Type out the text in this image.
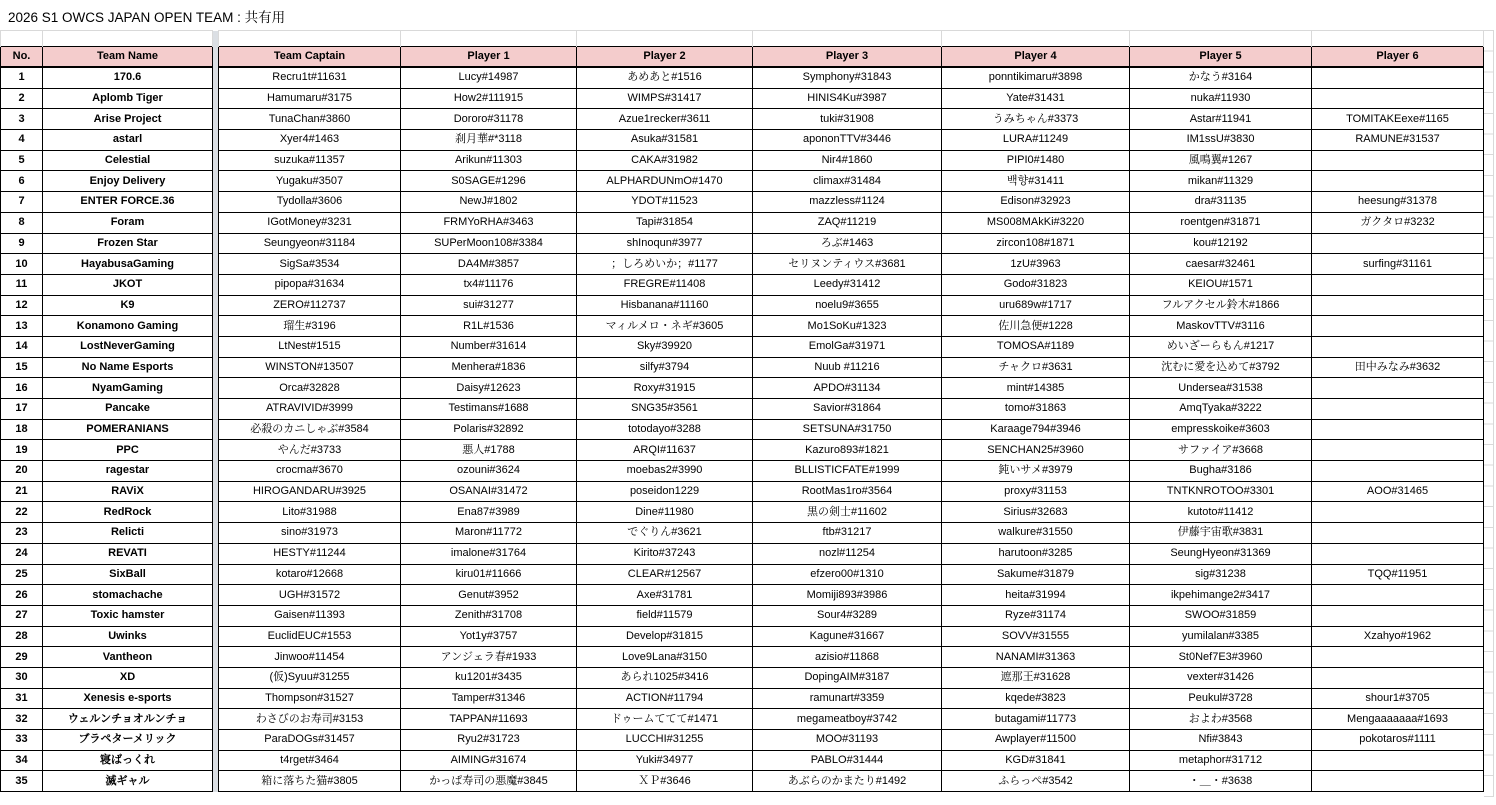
2026 S1 OWCS JAPAN OPEN TEAM : 共有用

No.	Team Name		Team Captain	Player 1	Player 2	Player 3	Player 4	Player 5	Player 6
1	170.6		Recru1t#11631	Lucy#14987	あめあと#1516	Symphony#31843	ponntikimaru#3898	かなう#3164	
2	Aplomb Tiger		Hamumaru#3175	How2#111915	WIMPS#31417	HINIS4Ku#3987	Yate#31431	nuka#11930	
3	Arise Project		TunaChan#3860	Dororo#31178	Azue1recker#3611	tuki#31908	うみちゃん#3373	Astar#11941	TOMITAKEexe#1165
4	astarl		Xyer4#1463	刹月華#*3118	Asuka#31581	apononTTV#3446	LURA#11249	IM1ssU#3830	RAMUNE#31537
5	Celestial		suzuka#11357	Arikun#11303	CAKA#31982	Nir4#1860	PIPI0#1480	風鳴翼#1267	
6	Enjoy Delivery		Yugaku#3507	S0SAGE#1296	ALPHARDUNmO#1470	climax#31484	백향#31411	mikan#11329	
7	ENTER FORCE.36		Tydolla#3606	NewJ#1802	YDOT#11523	mazzless#1124	Edison#32923	dra#31135	heesung#31378
8	Foram		IGotMoney#3231	FRMYoRHA#3463	Tapi#31854	ZAQ#11219	MS008MAkKi#3220	roentgen#31871	ガクタロ#3232
9	Frozen Star		Seungyeon#31184	SUPerMoon108#3384	shInoqun#3977	ろぶ#1463	zircon108#1871	kou#12192	
10	HayabusaGaming		SigSa#3534	DA4M#3857	；しろめいか；#1177	セリヌンティウス#3681	1zU#3963	caesar#32461	surfing#31161
11	JKOT		pipopa#31634	tx4#11176	FREGRE#11408	Leedy#31412	Godo#31823	KEIOU#1571	
12	K9		ZERO#112737	sui#31277	Hisbanana#11160	noelu9#3655	uru689w#1717	フルアクセル鈴木#1866	
13	Konamono Gaming		瑠生#3196	R1L#1536	マィルメロ・ネギ#3605	Mo1SoKu#1323	佐川急便#1228	MaskovTTV#3116	
14	LostNeverGaming		LtNest#1515	Number#31614	Sky#39920	EmolGa#31971	TOMOSA#1189	めいざーらもん#1217	
15	No Name Esports		WINSTON#13507	Menhera#1836	silfy#3794	Nuub #11216	チャクロ#3631	沈むに愛を込めて#3792	田中みなみ#3632
16	NyamGaming		Orca#32828	Daisy#12623	Roxy#31915	APDO#31134	mint#14385	Undersea#31538	
17	Pancake		ATRAVIVID#3999	Testimans#1688	SNG35#3561	Savior#31864	tomo#31863	AmqTyaka#3222	
18	POMERANIANS		必殺のカニしゃぶ#3584	Polaris#32892	totodayo#3288	SETSUNA#31750	Karaage794#3946	empresskoike#3603	
19	PPC		やんだ#3733	悪人#1788	ARQI#11637	Kazuro893#1821	SENCHAN25#3960	サファイア#3668	
20	ragestar		crocma#3670	ozouni#3624	moebas2#3990	BLLISTICFATE#1999	鈍いサメ#3979	Bugha#3186	
21	RAViX		HIROGANDARU#3925	OSANAI#31472	poseidon1229	RootMas1ro#3564	proxy#31153	TNTKNROTOO#3301	AOO#31465
22	RedRock		Lito#31988	Ena87#3989	Dine#11980	黒の剣士#11602	Sirius#32683	kutoto#11412	
23	Relicti		sino#31973	Maron#11772	でぐりん#3621	ftb#31217	walkure#31550	伊藤宇宙歌#3831	
24	REVATI		HESTY#11244	imalone#31764	Kirito#37243	nozl#11254	harutoon#3285	SeungHyeon#31369	
25	SixBall		kotaro#12668	kiru01#11666	CLEAR#12567	efzero00#1310	Sakume#31879	sig#31238	TQQ#11951
26	stomachache		UGH#31572	Genut#3952	Axe#31781	Momiji893#3986	heita#31994	ikpehimange2#3417	
27	Toxic hamster		Gaisen#11393	Zenith#31708	field#11579	Sour4#3289	Ryze#31174	SWOO#31859	
28	Uwinks		EuclidEUC#1553	Yot1y#3757	Develop#31815	Kagune#31667	SOVV#31555	yumilalan#3385	Xzahyo#1962
29	Vantheon		Jinwoo#11454	アンジェラ春#1933	Love9Lana#3150	azisio#11868	NANAMI#31363	St0Nef7E3#3960	
30	XD		(仮)Syuu#31255	ku1201#3435	あられ1025#3416	DopingAIM#3187	遮那王#31628	vexter#31426	
31	Xenesis e-sports		Thompson#31527	Tamper#31346	ACTION#11794	ramunart#3359	kqede#3823	Peukul#3728	shour1#3705
32	ウェルンチョオルンチョ		わさびのお寿司#3153	TAPPAN#11693	ドゥームててて#1471	megameatboy#3742	butagami#11773	およわ#3568	Mengaaaaaaa#1693
33	ブラペターメリック		ParaDOGs#31457	Ryu2#31723	LUCCHI#31255	MOO#31193	Awplayer#11500	Nfi#3843	pokotaros#1111
34	寝ばっくれ		t4rget#3464	AIMING#31674	Yuki#34977	PABLO#31444	KGD#31841	metaphor#31712	
35	滅ギャル		箱に落ちた猫#3805	かっぱ寿司の悪魔#3845	ＸＰ#3646	あぶらのかまたり#1492	ふらっぺ#3542	・＿・#3638	
